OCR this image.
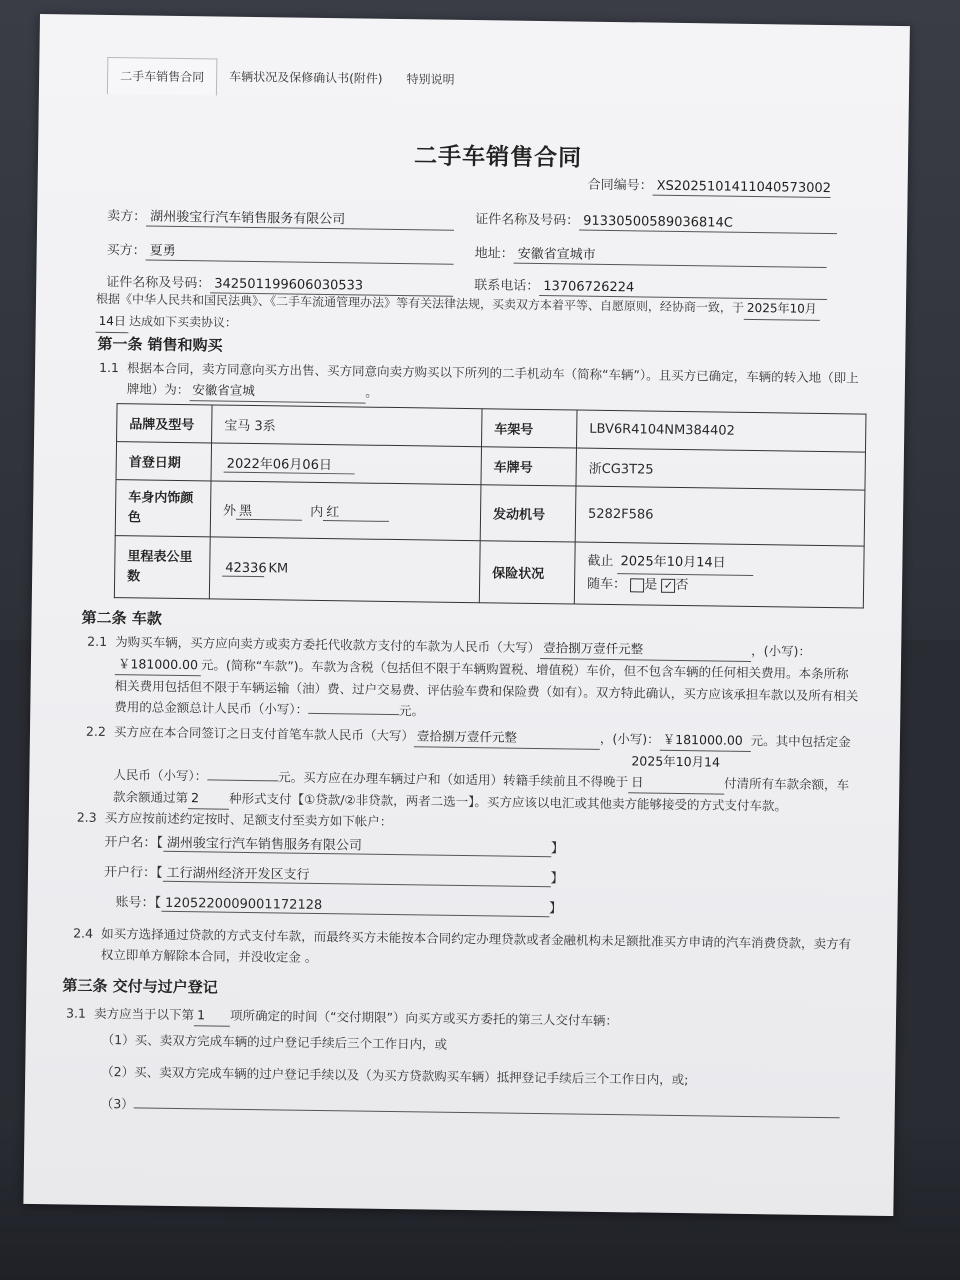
二手车销售合同	车辆状况及保修确认书(附件)	特别说明
二手车销售合同
合同编号： XS2025101411040573002
卖方： 湖州骏宝行汽车销售服务有限公司	证件名称及号码： 91330500589036814C
买方： 夏勇	地址： 安徽省宣城市
证件名称及号码： 342501199606030533	联系电话： 13706726224
根据《中华人民共和国民法典》、《二手车流通管理办法》等有关法律法规，买卖双方本着平等、自愿原则，经协商一致，于 2025年10月
14日 达成如下买卖协议：
第一条 销售和购买
1.1 根据本合同，卖方同意向买方出售、买方同意向卖方购买以下所列的二手机动车（简称“车辆”）。且买方已确定，车辆的转入地（即上牌地）为： 安徽省宣城	。
品牌及型号	宝马 3系	车架号	LBV6R4104NM384402
首登日期	2022年06月06日	车牌号	浙CG3T25
车身内饰颜色	外 黑 内 红	发动机号	5282F586
里程表公里数	42336 KM	保险状况	截止 2025年10月14日
随车： 是 ✓ 否
第二条 车款
2.1 为购买车辆，买方应向卖方或卖方委托代收款方支付的车款为人民币（大写） 壹拾捌万壹仟元整	，(小写)：
￥181000.00 元。(简称“车款”)。车款为含税（包括但不限于车辆购置税、增值税）车价，但不包含车辆的任何相关费用。本条所称相关费用包括但不限于车辆运输（油）费、过户交易费、评估验车费和保险费（如有）。双方特此确认，买方应该承担车款以及所有相关费用的总金额总计人民币（小写）：	元。
2.2 买方应在本合同签订之日支付首笔车款人民币（大写） 壹拾捌万壹仟元整	，(小写)： ￥181000.00 元。其中包括定金人民币（小写）：	元。买方应在办理车辆过户和（如适用）转籍手续前且不得晚于2025年10月14日	付清所有车款余额，车款余额通过第 2 种形式支付【①贷款/②非贷款，两者二选一】。买方应该以电汇或其他卖方能够接受的方式支付车款。
2.3 买方应按前述约定按时、足额支付至卖方如下帐户：
开户名：【 湖州骏宝行汽车销售服务有限公司	】
开户行：【 工行湖州经济开发区支行	】
账号：【 1205220009001172128	】
2.4 如买方选择通过贷款的方式支付车款，而最终买方未能按本合同约定办理贷款或者金融机构未足额批准买方申请的汽车消费贷款，卖方有权立即单方解除本合同，并没收定金 。
第三条 交付与过户登记
3.1 卖方应当于以下第 1 项所确定的时间（“交付期限”）向买方或买方委托的第三人交付车辆：
（1）买、卖双方完成车辆的过户登记手续后三个工作日内，或
（2）买、卖双方完成车辆的过户登记手续以及（为买方贷款购买车辆）抵押登记手续后三个工作日内，或;
（3）
